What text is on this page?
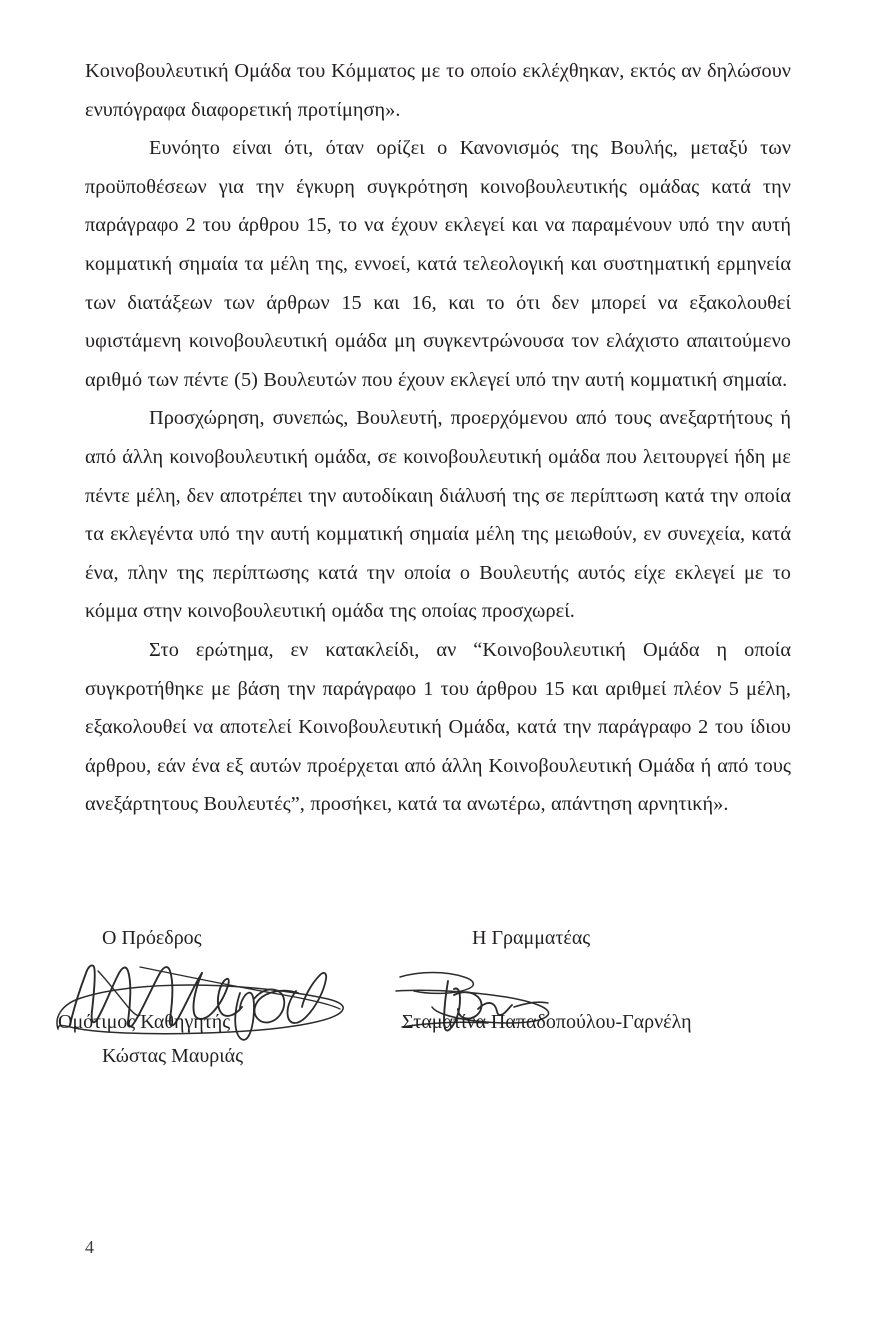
Κοινοβουλευτική Ομάδα του Κόμματος με το οποίο εκλέχθηκαν, εκτός αν δηλώσουν ενυπόγραφα διαφορετική προτίμηση».

Ευνόητο είναι ότι, όταν ορίζει ο Κανονισμός της Βουλής, μεταξύ των προϋποθέσεων για την έγκυρη συγκρότηση κοινοβουλευτικής ομάδας κατά την παράγραφο 2 του άρθρου 15, το να έχουν εκλεγεί και να παραμένουν υπό την αυτή κομματική σημαία τα μέλη της, εννοεί, κατά τελεολογική και συστηματική ερμηνεία των διατάξεων των άρθρων 15 και 16, και το ότι δεν μπορεί να εξακολουθεί υφιστάμενη κοινοβουλευτική ομάδα μη συγκεντρώνουσα τον ελάχιστο απαιτούμενο αριθμό των πέντε (5) Βουλευτών που έχουν εκλεγεί υπό την αυτή κομματική σημαία.

Προσχώρηση, συνεπώς, Βουλευτή, προερχόμενου από τους ανεξαρτήτους ή από άλλη κοινοβουλευτική ομάδα, σε κοινοβουλευτική ομάδα που λειτουργεί ήδη με πέντε μέλη, δεν αποτρέπει την αυτοδίκαιη διάλυσή της σε περίπτωση κατά την οποία τα εκλεγέντα υπό την αυτή κομματική σημαία μέλη της μειωθούν, εν συνεχεία, κατά ένα, πλην της περίπτωσης κατά την οποία ο Βουλευτής αυτός είχε εκλεγεί με το κόμμα στην κοινοβουλευτική ομάδα της οποίας προσχωρεί.

Στο ερώτημα, εν κατακλείδι, αν “Κοινοβουλευτική Ομάδα η οποία συγκροτήθηκε με βάση την παράγραφο 1 του άρθρου 15 και αριθμεί πλέον 5 μέλη, εξακολουθεί να αποτελεί Κοινοβουλευτική Ομάδα, κατά την παράγραφο 2 του ίδιου άρθρου, εάν ένα εξ αυτών προέρχεται από άλλη Κοινοβουλευτική Ομάδα ή από τους ανεξάρτητους Βουλευτές”, προσήκει, κατά τα ανωτέρω, απάντηση αρνητική».

Ο Πρόεδρος
Ομότιμος Καθηγητής
Κώστας Μαυριάς
Η Γραμματέας
Σταματίνα Παπαδοπούλου-Γαρνέλη
4
